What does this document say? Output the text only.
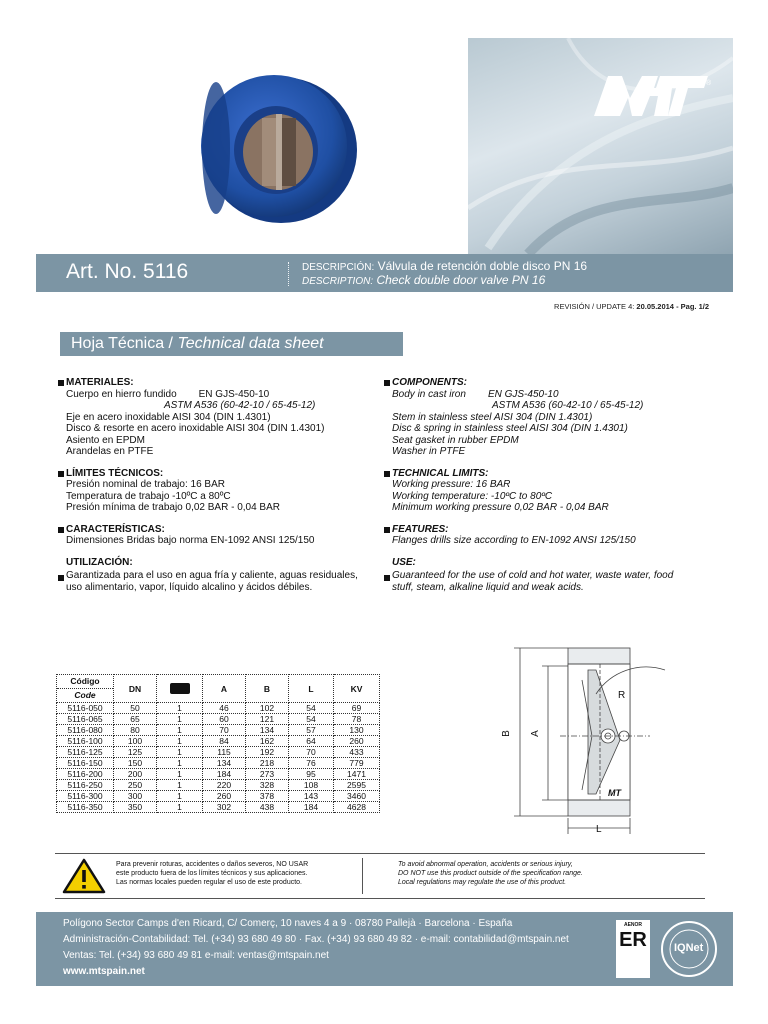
®
Art. No. 5116	DESCRIPCIÓN: Válvula de retención doble disco PN 16
DESCRIPTION: Check double door valve PN 16
REVISIÓN / UPDATE 4: 20.05.2014 - Pag. 1/2
Hoja Técnica / Technical data sheet
MATERIALES:
Cuerpo en hierro fundido EN GJS-450-10
ASTM A536 (60-42-10 / 65-45-12)
Eje en acero inoxidable AISI 304 (DIN 1.4301)
Disco & resorte en acero inoxidable AISI 304 (DIN 1.4301)
Asiento en EPDM
Arandelas en PTFE
LÍMITES TÉCNICOS:
Presión nominal de trabajo: 16 BAR
Temperatura de trabajo -10ºC a 80ºC
Presión mínima de trabajo 0,02 BAR - 0,04 BAR
CARACTERÍSTICAS:
Dimensiones Bridas bajo norma EN-1092 ANSI 125/150
UTILIZACIÓN:
Garantizada para el uso en agua fría y caliente, aguas residuales, uso alimentario, vapor, líquido alcalino y ácidos débiles.
COMPONENTS:
Body in cast iron EN GJS-450-10
ASTM A536 (60-42-10 / 65-45-12)
Stem in stainless steel AISI 304 (DIN 1.4301)
Disc & spring in stainless steel AISI 304 (DIN 1.4301)
Seat gasket in rubber EPDM
Washer in PTFE
TECHNICAL LIMITS:
Working pressure: 16 BAR
Working temperature: -10ºC to 80ºC
Minimum working pressure 0,02 BAR - 0,04 BAR
FEATURES:
Flanges drills size according to EN-1092 ANSI 125/150
USE:
Guaranteed for the use of cold and hot water, waste water, food stuff, steam, alkaline liquid and weak acids.
Código
Code	DN		A	B	L	KV
5116-050	50	1	46	102	54	69
5116-065	65	1	60	121	54	78
5116-080	80	1	70	134	57	130
5116-100	100	1	84	162	64	260
5116-125	125	1	115	192	70	433
5116-150	150	1	134	218	76	779
5116-200	200	1	184	273	95	1471
5116-250	250	1	220	328	108	2595
5116-300	300	1	260	378	143	3460
5116-350	350	1	302	438	184	4628
B A
R
L
MT
Para prevenir roturas, accidentes o daños severos, NO USAR
este producto fuera de los límites técnicos y sus aplicaciones.
Las normas locales pueden regular el uso de este producto.
To avoid abnormal operation, accidents or serious injury,
DO NOT use this product outside of the specification range.
Local regulations may regulate the use of this product.
Polígono Sector Camps d'en Ricard, C/ Comerç, 10 naves 4 a 9 · 08780 Pallejà · Barcelona · España
Administración-Contabilidad: Tel. (+34) 93 680 49 80 · Fax. (+34) 93 680 49 82 · e-mail: contabilidad@mtspain.net
Ventas: Tel. (+34) 93 680 49 81 e-mail: ventas@mtspain.net
www.mtspain.net
AENOR
ER IQNet
